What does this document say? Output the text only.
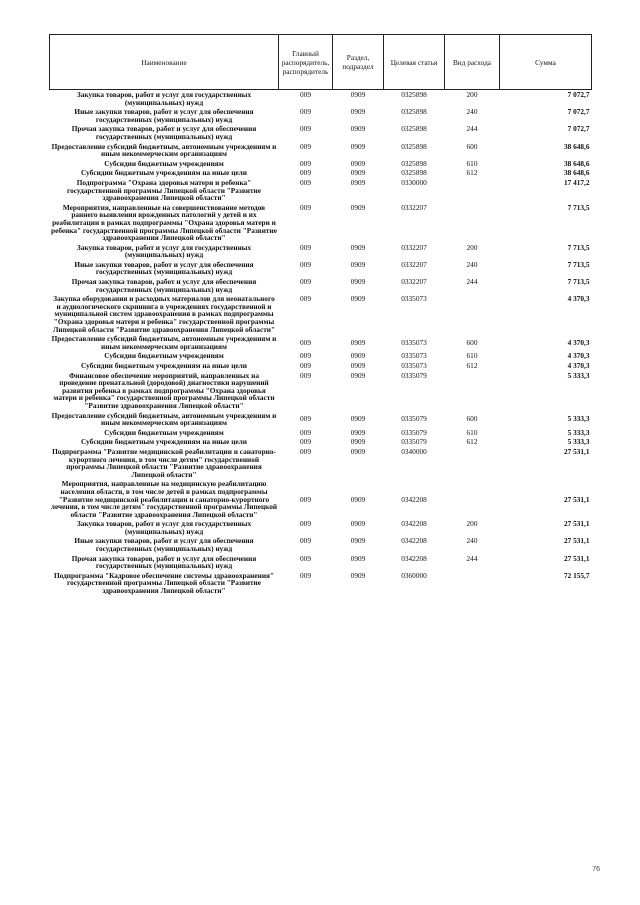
Наименование	Главный распорядитель, распорядитель	Раздел, подраздел	Целевая статья	Вид расхода	Сумма
Закупка товаров, работ и услуг для государственных (муниципальных) нужд	009	0909	0325898	200	7 072,7
Иные закупки товаров, работ и услуг для обеспечения государственных (муниципальных) нужд	009	0909	0325898	240	7 072,7
Прочая закупка товаров, работ и услуг для обеспечения государственных (муниципальных) нужд	009	0909	0325898	244	7 072,7
Предоставление субсидий бюджетным, автономным учреждениям и иным некоммерческим организациям	009	0909	0325898	600	38 648,6
Субсидии бюджетным учреждениям	009	0909	0325898	610	38 648,6
Субсидии бюджетным учреждениям на иные цели	009	0909	0325898	612	38 648,6
Подпрограмма "Охрана здоровья матери и ребенка" государственной программы Липецкой области "Развитие здравоохранения Липецкой области"	009	0909	0330000		17 417,2
Мероприятия, направленные на совершенствование методов раннего выявления врожденных патологий у детей и их реабилитации в рамках подпрограммы "Охрана здоровья матери и ребенка" государственной программы Липецкой области "Развитие здравоохранения Липецкой области"	009	0909	0332207		7 713,5
Закупка товаров, работ и услуг для государственных (муниципальных) нужд	009	0909	0332207	200	7 713,5
Иные закупки товаров, работ и услуг для обеспечения государственных (муниципальных) нужд	009	0909	0332207	240	7 713,5
Прочая закупка товаров, работ и услуг для обеспечения государственных (муниципальных) нужд	009	0909	0332207	244	7 713,5
Закупка оборудования и расходных материалов для неонатального и аудиологического скрининга в учреждениях государственной и муниципальной систем здравоохранения в рамках подпрограммы "Охрана здоровья матери и ребенка" государственной программы Липецкой области "Развитие здравоохранения Липецкой области"	009	0909	0335073		4 370,3
Предоставление субсидий бюджетным, автономным учреждениям и иным некоммерческим организациям	009	0909	0335073	600	4 370,3
Субсидии бюджетным учреждениям	009	0909	0335073	610	4 370,3
Субсидии бюджетным учреждениям на иные цели	009	0909	0335073	612	4 370,3
Финансовое обеспечение мероприятий, направленных на проведение пренатальной (дородовой) диагностики нарушений развития ребенка в рамках подпрограммы "Охрана здоровья матери и ребенка" государственной программы Липецкой области "Развитие здравоохранения Липецкой области"	009	0909	0335079		5 333,3
Предоставление субсидий бюджетным, автономным учреждениям и иным некоммерческим организациям	009	0909	0335079	600	5 333,3
Субсидии бюджетным учреждениям	009	0909	0335079	610	5 333,3
Субсидии бюджетным учреждениям на иные цели	009	0909	0335079	612	5 333,3
Подпрограмма "Развитие медицинской реабилитации и санаторно-курортного лечения, в том числе детям" государственной программы Липецкой области "Развитие здравоохранения Липецкой области"	009	0909	0340000		27 531,1
Мероприятия, направленные на медицинскую реабилитацию населения области, в том числе детей в рамках подпрограммы "Развитие медицинской реабилитации и санаторно-курортного лечения, в том числе детям" государственной программы Липецкой области "Развитие здравоохранения Липецкой области"	009	0909	0342208		27 531,1
Закупка товаров, работ и услуг для государственных (муниципальных) нужд	009	0909	0342208	200	27 531,1
Иные закупки товаров, работ и услуг для обеспечения государственных (муниципальных) нужд	009	0909	0342208	240	27 531,1
Прочая закупка товаров, работ и услуг для обеспечения государственных (муниципальных) нужд	009	0909	0342208	244	27 531,1
Подпрограмма "Кадровое обеспечение системы здравоохранения" государственной программы Липецкой области "Развитие здравоохранения Липецкой области"	009	0909	0360000		72 155,7
76
